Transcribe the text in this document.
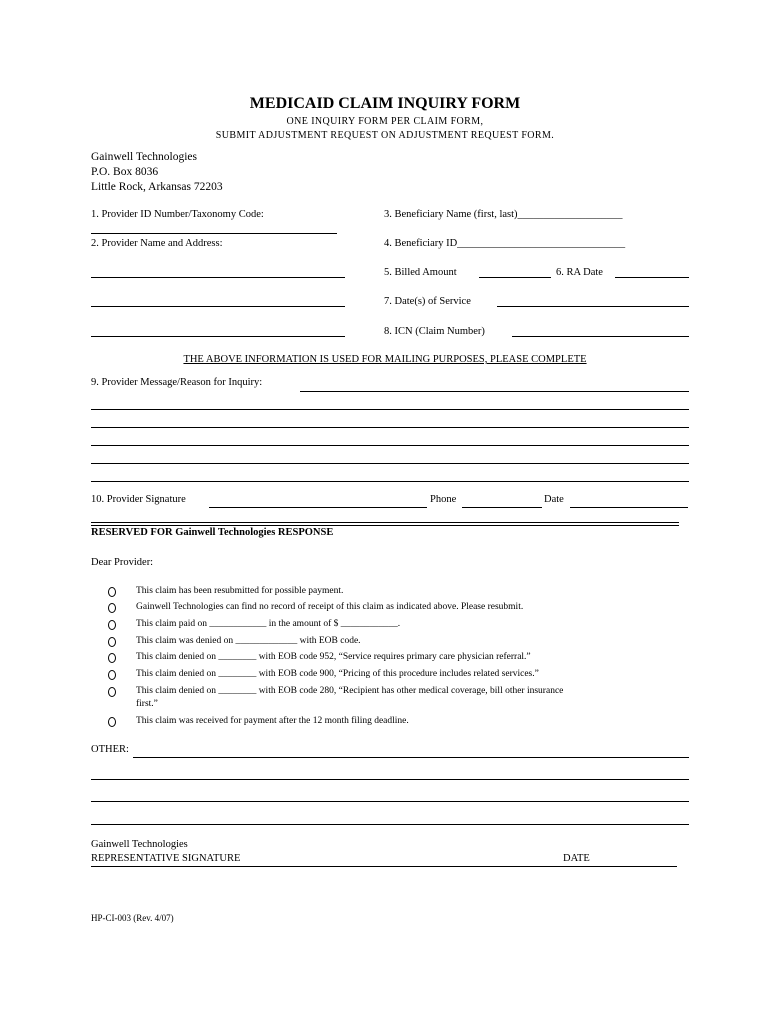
MEDICAID CLAIM INQUIRY FORM
ONE INQUIRY FORM PER CLAIM FORM,
SUBMIT ADJUSTMENT REQUEST ON ADJUSTMENT REQUEST FORM.
Gainwell Technologies
P.O. Box 8036
Little Rock, Arkansas 72203
1. Provider ID Number/Taxonomy Code:
2. Provider Name and Address:
3. Beneficiary Name (first, last)____________________
4. Beneficiary ID________________________________
5. Billed Amount	6. RA Date
7. Date(s) of Service
8. ICN (Claim Number)
THE ABOVE INFORMATION IS USED FOR MAILING PURPOSES, PLEASE COMPLETE
9. Provider Message/Reason for Inquiry:
10. Provider Signature	Phone	Date
RESERVED FOR Gainwell Technologies RESPONSE
Dear Provider:
This claim has been resubmitted for possible payment.
Gainwell Technologies can find no record of receipt of this claim as indicated above. Please resubmit.
This claim paid on ____________ in the amount of $ ____________.
This claim was denied on _____________ with EOB code.
This claim denied on ________ with EOB code 952, “Service requires primary care physician referral.”
This claim denied on ________ with EOB code 900, “Pricing of this procedure includes related services.”
This claim denied on ________ with EOB code 280, “Recipient has other medical coverage, bill other insurance
first.”
This claim was received for payment after the 12 month filing deadline.
OTHER:
Gainwell Technologies
REPRESENTATIVE SIGNATURE	DATE
HP-CI-003 (Rev. 4/07)
